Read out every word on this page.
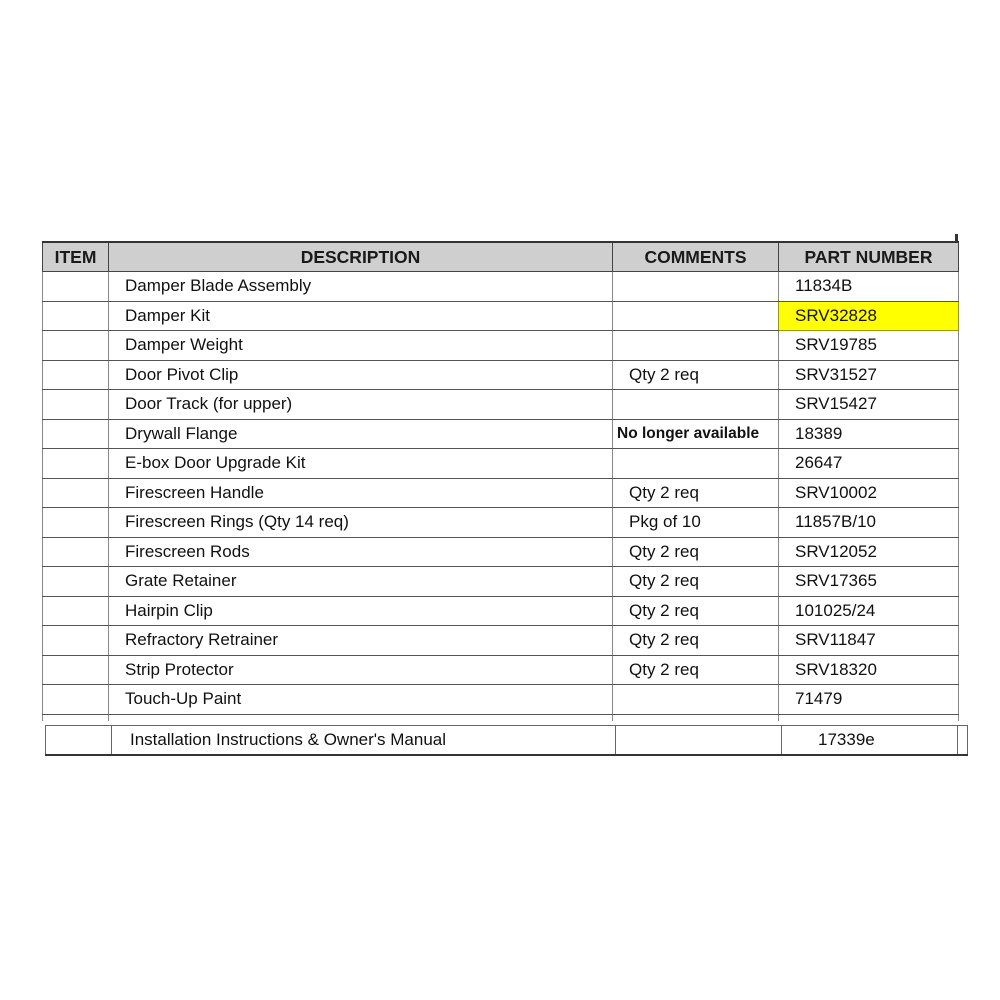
ITEM	DESCRIPTION	COMMENTS	PART NUMBER
	Damper Blade Assembly		11834B
	Damper Kit		SRV32828
	Damper Weight		SRV19785
	Door Pivot Clip	Qty 2 req	SRV31527
	Door Track (for upper)		SRV15427
	Drywall Flange	No longer available	18389
	E-box Door Upgrade Kit		26647
	Firescreen Handle	Qty 2 req	SRV10002
	Firescreen Rings (Qty 14 req)	Pkg of 10	11857B/10
	Firescreen Rods	Qty 2 req	SRV12052
	Grate Retainer	Qty 2 req	SRV17365
	Hairpin Clip	Qty 2 req	101025/24
	Refractory Retrainer	Qty 2 req	SRV11847
	Strip Protector	Qty 2 req	SRV18320
	Touch-Up Paint		71479

	Installation Instructions & Owner's Manual		17339e	
